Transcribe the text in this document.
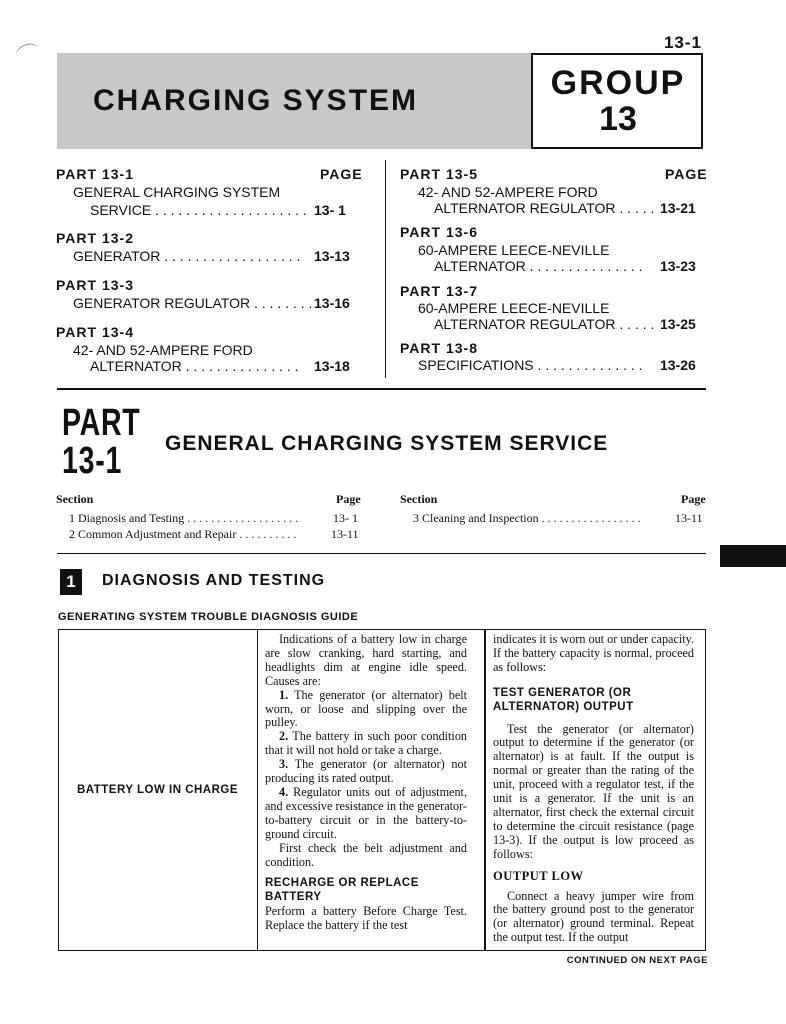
13-1
CHARGING SYSTEM	GROUP
13
PAGE	PAGE
PART 13-1
GENERAL CHARGING SYSTEM
SERVICE . . . . . . . . . . . . . . . . . . . . 13- 1
PART 13-2
GENERATOR . . . . . . . . . . . . . . . . . . 13-13
PART 13-3
GENERATOR REGULATOR . . . . . . . . 13-16
PART 13-4
42- AND 52-AMPERE FORD
ALTERNATOR . . . . . . . . . . . . . . . 13-18
PART 13-5
42- AND 52-AMPERE FORD
ALTERNATOR REGULATOR . . . . . 13-21
PART 13-6
60-AMPERE LEECE-NEVILLE
ALTERNATOR . . . . . . . . . . . . . . . 13-23
PART 13-7
60-AMPERE LEECE-NEVILLE
ALTERNATOR REGULATOR . . . . . 13-25
PART 13-8
SPECIFICATIONS . . . . . . . . . . . . . . 13-26
PART
13-1	GENERAL CHARGING SYSTEM SERVICE
Section	Page	Section	Page
1 Diagnosis and Testing . . . . . . . . . . . . . . . . . . .	13- 1
2 Common Adjustment and Repair . . . . . . . . . .	13-11
3 Cleaning and Inspection . . . . . . . . . . . . . . . . .	13-11
1	DIAGNOSIS AND TESTING
GENERATING SYSTEM TROUBLE DIAGNOSIS GUIDE
BATTERY LOW IN CHARGE

Indications of a battery low in charge are slow cranking, hard starting, and headlights dim at engine idle speed. Causes are:

1. The generator (or alternator) belt worn, or loose and slipping over the pulley.

2. The battery in such poor condition that it will not hold or take a charge.

3. The generator (or alternator) not producing its rated output.

4. Regulator units out of adjustment, and excessive resistance in the generator-to-battery circuit or in the battery-to-ground circuit.

First check the belt adjustment and condition.

RECHARGE OR REPLACE BATTERY

Perform a battery Before Charge Test. Replace the battery if the test

indicates it is worn out or under capacity. If the battery capacity is normal, proceed as follows:

TEST GENERATOR (OR ALTERNATOR) OUTPUT

Test the generator (or alternator) output to determine if the generator (or alternator) is at fault. If the output is normal or greater than the rating of the unit, proceed with a regulator test, if the unit is a generator. If the unit is an alternator, first check the external circuit to determine the circuit resistance (page 13-3). If the output is low proceed as follows:

OUTPUT LOW

Connect a heavy jumper wire from the battery ground post to the generator (or alternator) ground terminal. Repeat the output test. If the output

CONTINUED ON NEXT PAGE
